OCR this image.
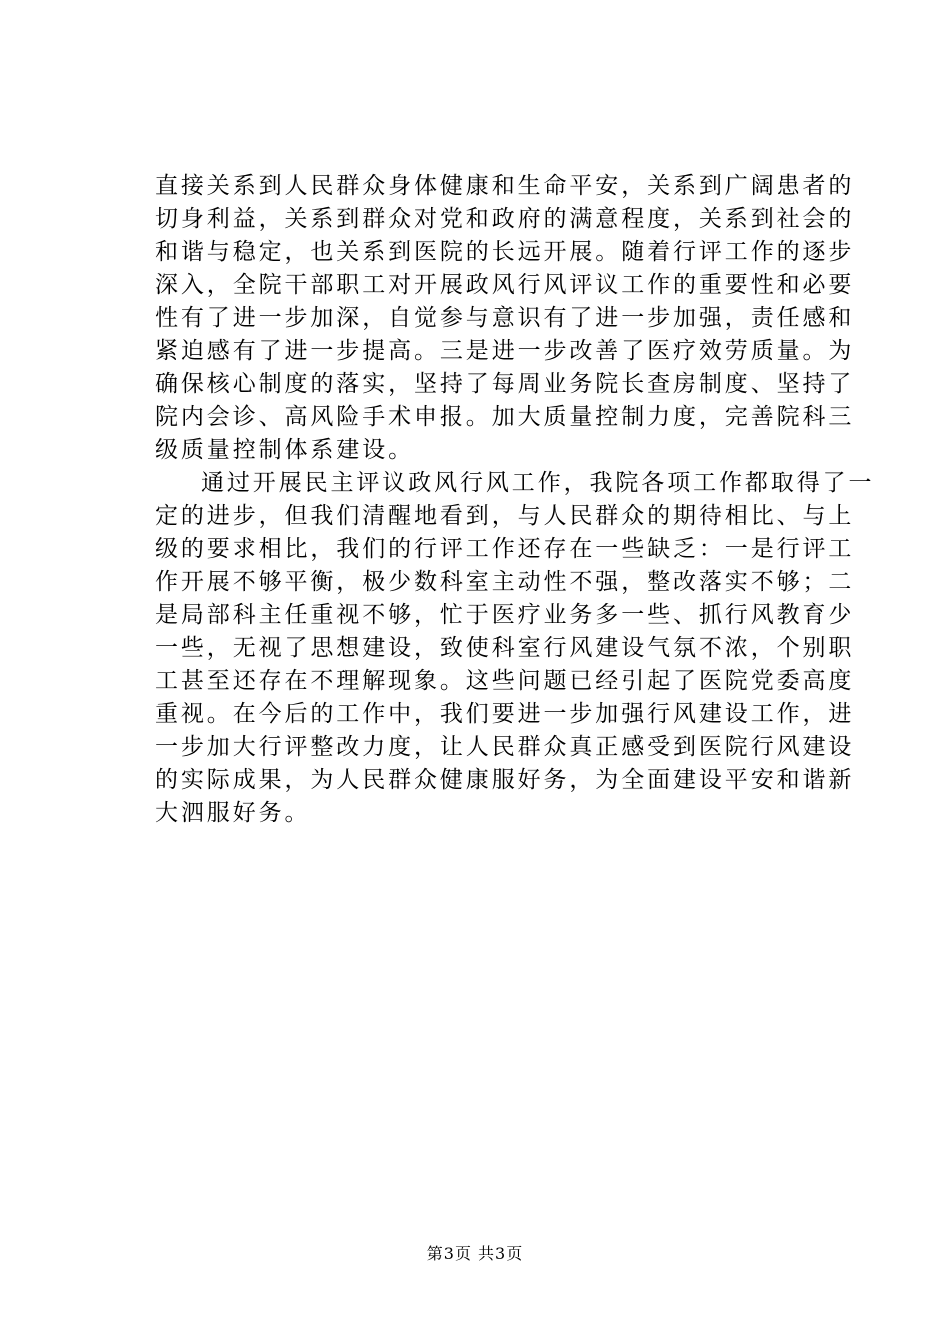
直接关系到人民群众身体健康和生命平安，关系到广阔患者的
切身利益，关系到群众对党和政府的满意程度，关系到社会的
和谐与稳定，也关系到医院的长远开展。随着行评工作的逐步
深入，全院干部职工对开展政风行风评议工作的重要性和必要
性有了进一步加深，自觉参与意识有了进一步加强，责任感和
紧迫感有了进一步提高。三是进一步改善了医疗效劳质量。为
确保核心制度的落实，坚持了每周业务院长查房制度、坚持了
院内会诊、高风险手术申报。加大质量控制力度，完善院科三
级质量控制体系建设。
通过开展民主评议政风行风工作，我院各项工作都取得了一
定的进步，但我们清醒地看到，与人民群众的期待相比、与上
级的要求相比，我们的行评工作还存在一些缺乏：一是行评工
作开展不够平衡，极少数科室主动性不强，整改落实不够；二
是局部科主任重视不够，忙于医疗业务多一些、抓行风教育少
一些，无视了思想建设，致使科室行风建设气氛不浓，个别职
工甚至还存在不理解现象。这些问题已经引起了医院党委高度
重视。在今后的工作中，我们要进一步加强行风建设工作，进
一步加大行评整改力度，让人民群众真正感受到医院行风建设
的实际成果，为人民群众健康服好务，为全面建设平安和谐新
大泗服好务。
第3页 共3页
